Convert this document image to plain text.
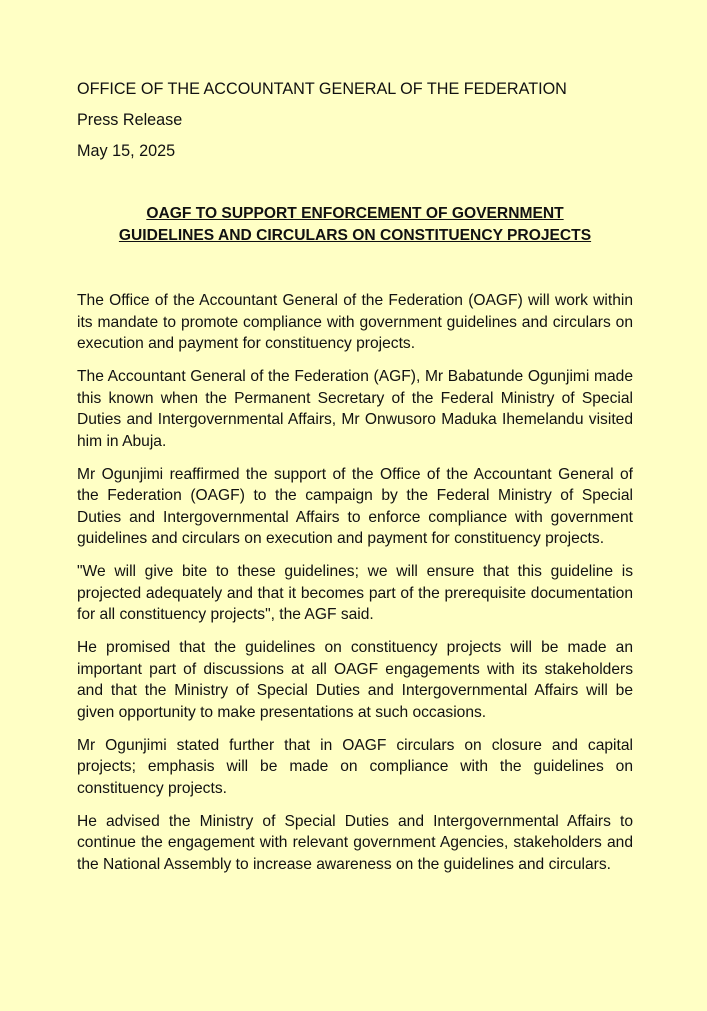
OFFICE OF THE ACCOUNTANT GENERAL OF THE FEDERATION

Press Release

May 15, 2025

OAGF TO SUPPORT ENFORCEMENT OF GOVERNMENT
GUIDELINES AND CIRCULARS ON CONSTITUENCY PROJECTS

The Office of the Accountant General of the Federation (OAGF) will work within its mandate to promote compliance with government guidelines and circulars on execution and payment for constituency projects.

The Accountant General of the Federation (AGF), Mr Babatunde Ogunjimi made this known when the Permanent Secretary of the Federal Ministry of Special Duties and Intergovernmental Affairs, Mr Onwusoro Maduka Ihemelandu visited him in Abuja.

Mr Ogunjimi reaffirmed the support of the Office of the Accountant General of the Federation (OAGF) to the campaign by the Federal Ministry of Special Duties and Intergovernmental Affairs to enforce compliance with government guidelines and circulars on execution and payment for constituency projects.

"We will give bite to these guidelines; we will ensure that this guideline is projected adequately and that it becomes part of the prerequisite documentation for all constituency projects", the AGF said.

He promised that the guidelines on constituency projects will be made an important part of discussions at all OAGF engagements with its stakeholders and that the Ministry of Special Duties and Intergovernmental Affairs will be given opportunity to make presentations at such occasions.

Mr Ogunjimi stated further that in OAGF circulars on closure and capital projects; emphasis will be made on compliance with the guidelines on constituency projects.

He advised the Ministry of Special Duties and Intergovernmental Affairs to continue the engagement with relevant government Agencies, stakeholders and the National Assembly to increase awareness on the guidelines and circulars.
